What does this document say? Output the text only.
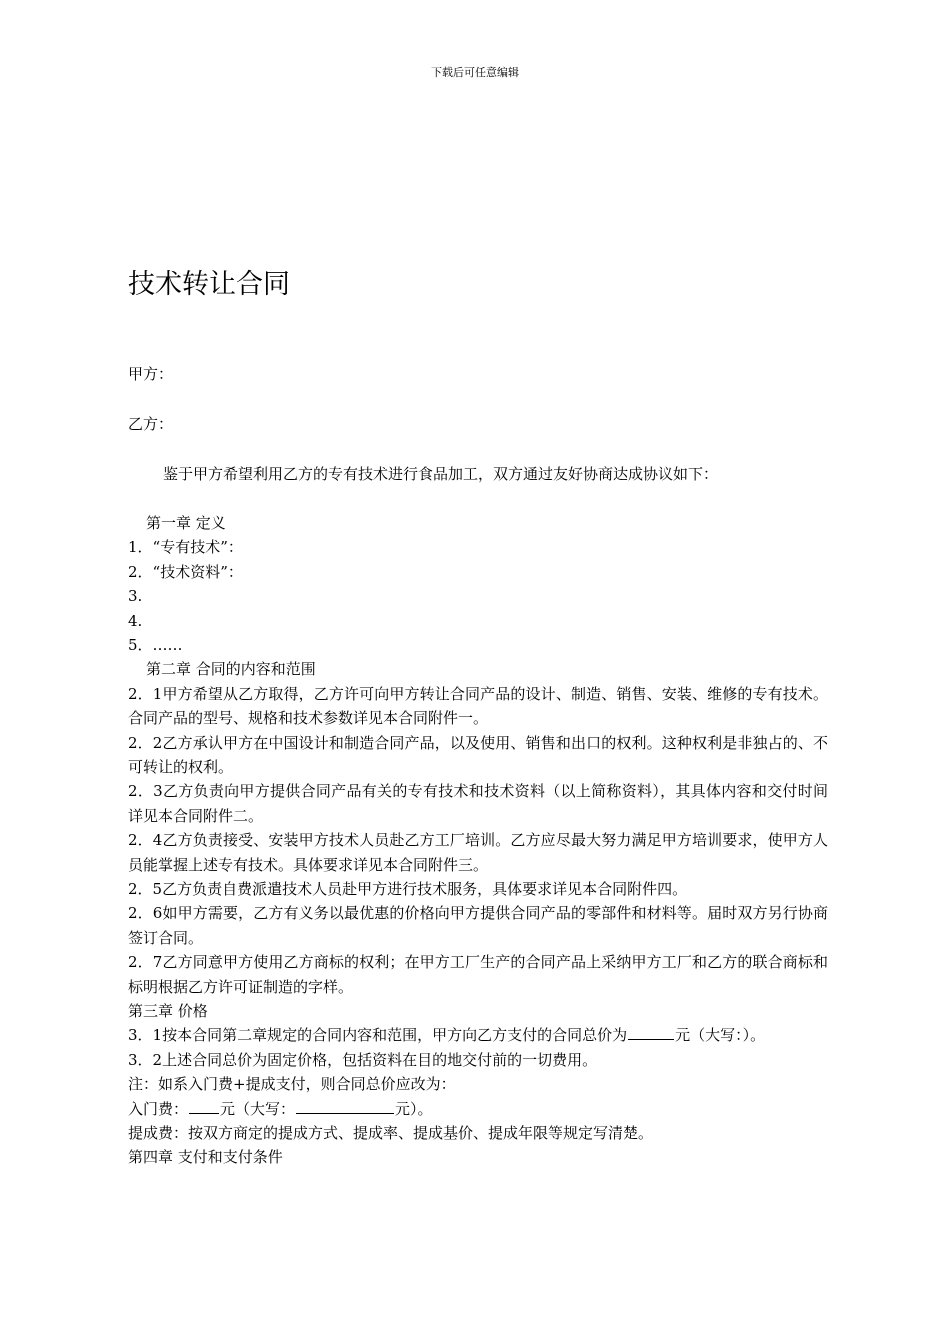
下载后可任意编辑
技术转让合同
甲方：
乙方：
鉴于甲方希望利用乙方的专有技术进行食品加工，双方通过友好协商达成协议如下：
第一章 定义
1．“专有技术”：
2．“技术资料”：
3.
4.
5．……
第二章 合同的内容和范围
2．1甲方希望从乙方取得，乙方许可向甲方转让合同产品的设计、制造、销售、安装、维修的专有技术。合同产品的型号、规格和技术参数详见本合同附件一。
2．2乙方承认甲方在中国设计和制造合同产品，以及使用、销售和出口的权利。这种权利是非独占的、不可转让的权利。
2．3乙方负责向甲方提供合同产品有关的专有技术和技术资料（以上简称资料），其具体内容和交付时间详见本合同附件二。
2．4乙方负责接受、安装甲方技术人员赴乙方工厂培训。乙方应尽最大努力满足甲方培训要求，使甲方人员能掌握上述专有技术。具体要求详见本合同附件三。
2．5乙方负责自费派遣技术人员赴甲方进行技术服务，具体要求详见本合同附件四。
2．6如甲方需要，乙方有义务以最优惠的价格向甲方提供合同产品的零部件和材料等。届时双方另行协商签订合同。
2．7乙方同意甲方使用乙方商标的权利；在甲方工厂生产的合同产品上采纳甲方工厂和乙方的联合商标和标明根据乙方许可证制造的字样。
第三章 价格
3．1按本合同第二章规定的合同内容和范围，甲方向乙方支付的合同总价为	元（大写：）。
3．2上述合同总价为固定价格，包括资料在目的地交付前的一切费用。
注：如系入门费+提成支付，则合同总价应改为：
入门费： 元（大写：	元）。
提成费：按双方商定的提成方式、提成率、提成基价、提成年限等规定写清楚。
第四章 支付和支付条件
